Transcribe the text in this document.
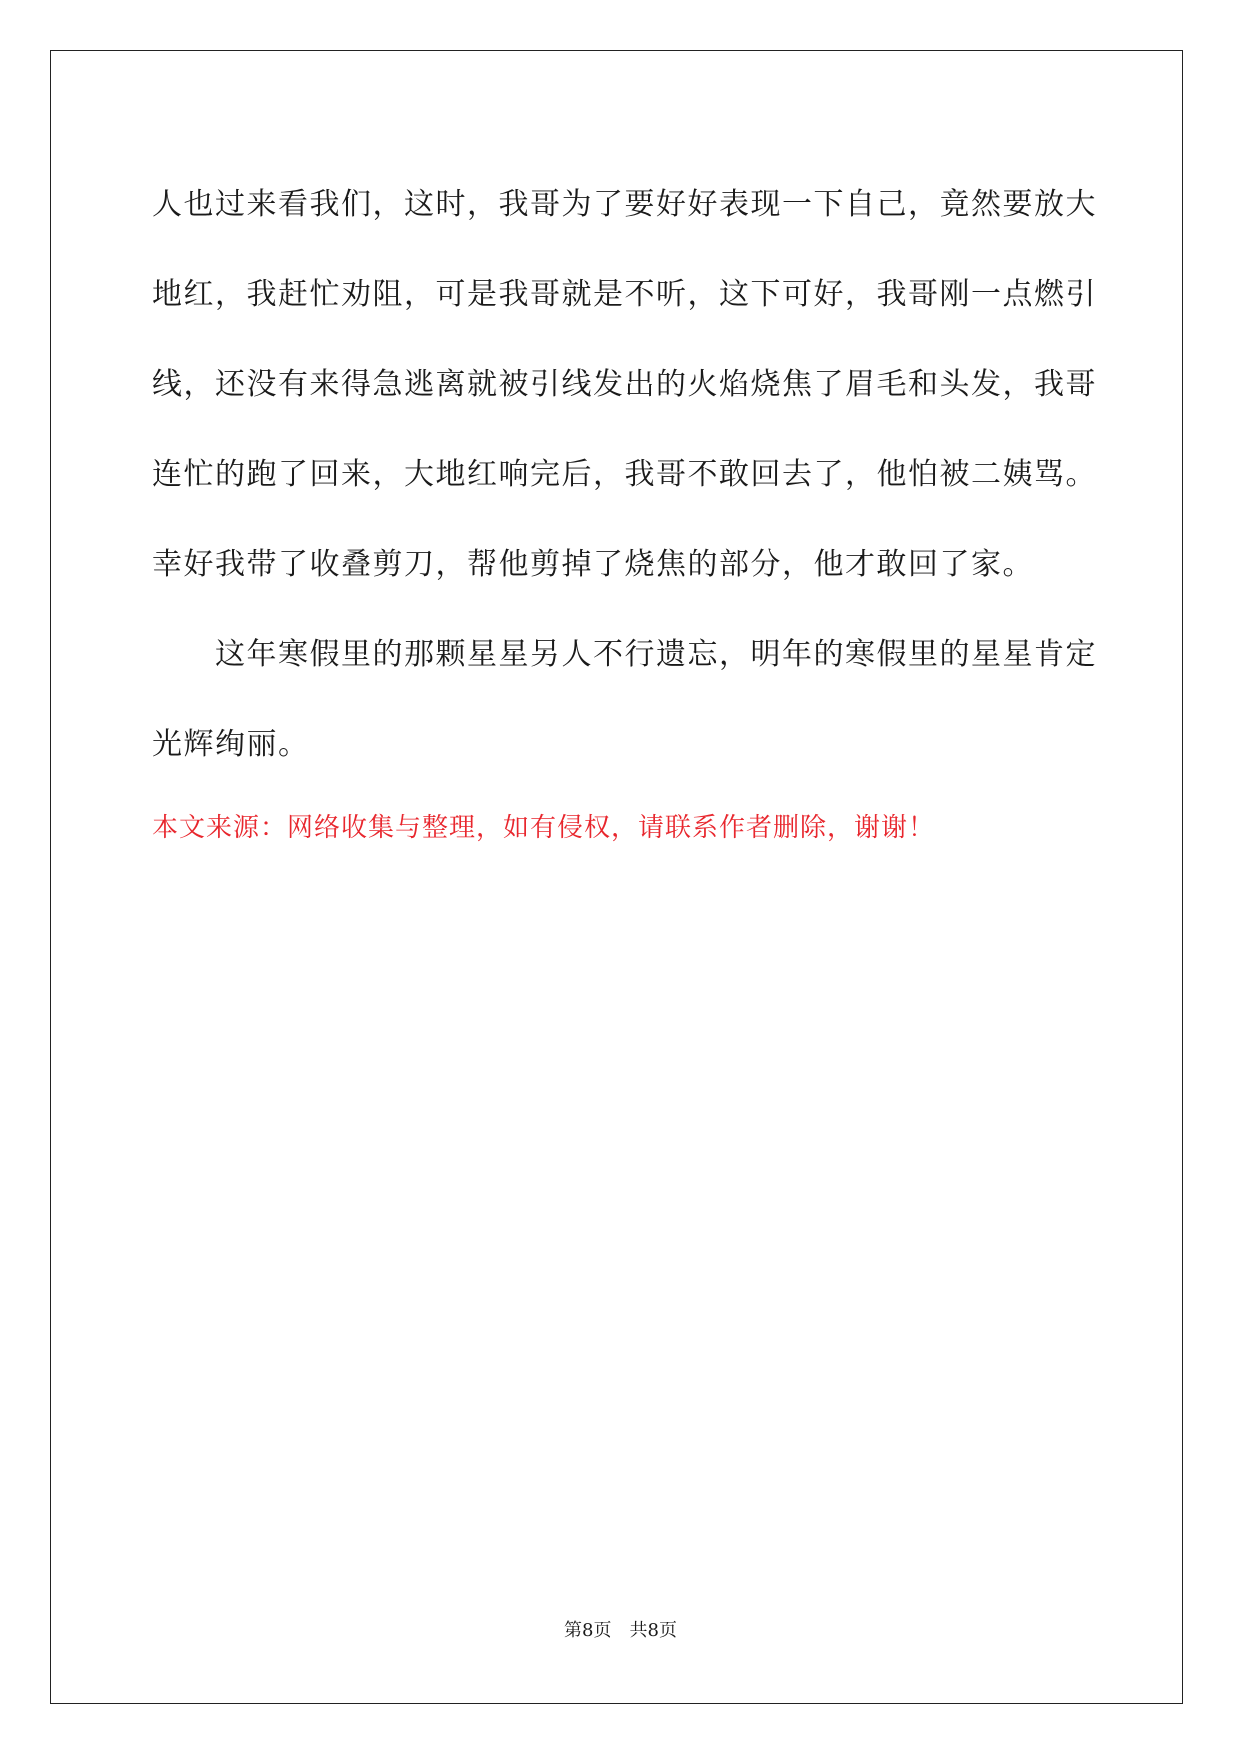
人也过来看我们，这时，我哥为了要好好表现一下自己，竟然要放大
地红，我赶忙劝阻，可是我哥就是不听，这下可好，我哥刚一点燃引
线，还没有来得急逃离就被引线发出的火焰烧焦了眉毛和头发，我哥
连忙的跑了回来，大地红响完后，我哥不敢回去了，他怕被二姨骂。
幸好我带了收叠剪刀，帮他剪掉了烧焦的部分，他才敢回了家。
　　这年寒假里的那颗星星另人不行遗忘，明年的寒假里的星星肯定
光辉绚丽。
本文来源：网络收集与整理，如有侵权，请联系作者删除，谢谢！
第8页　共8页
